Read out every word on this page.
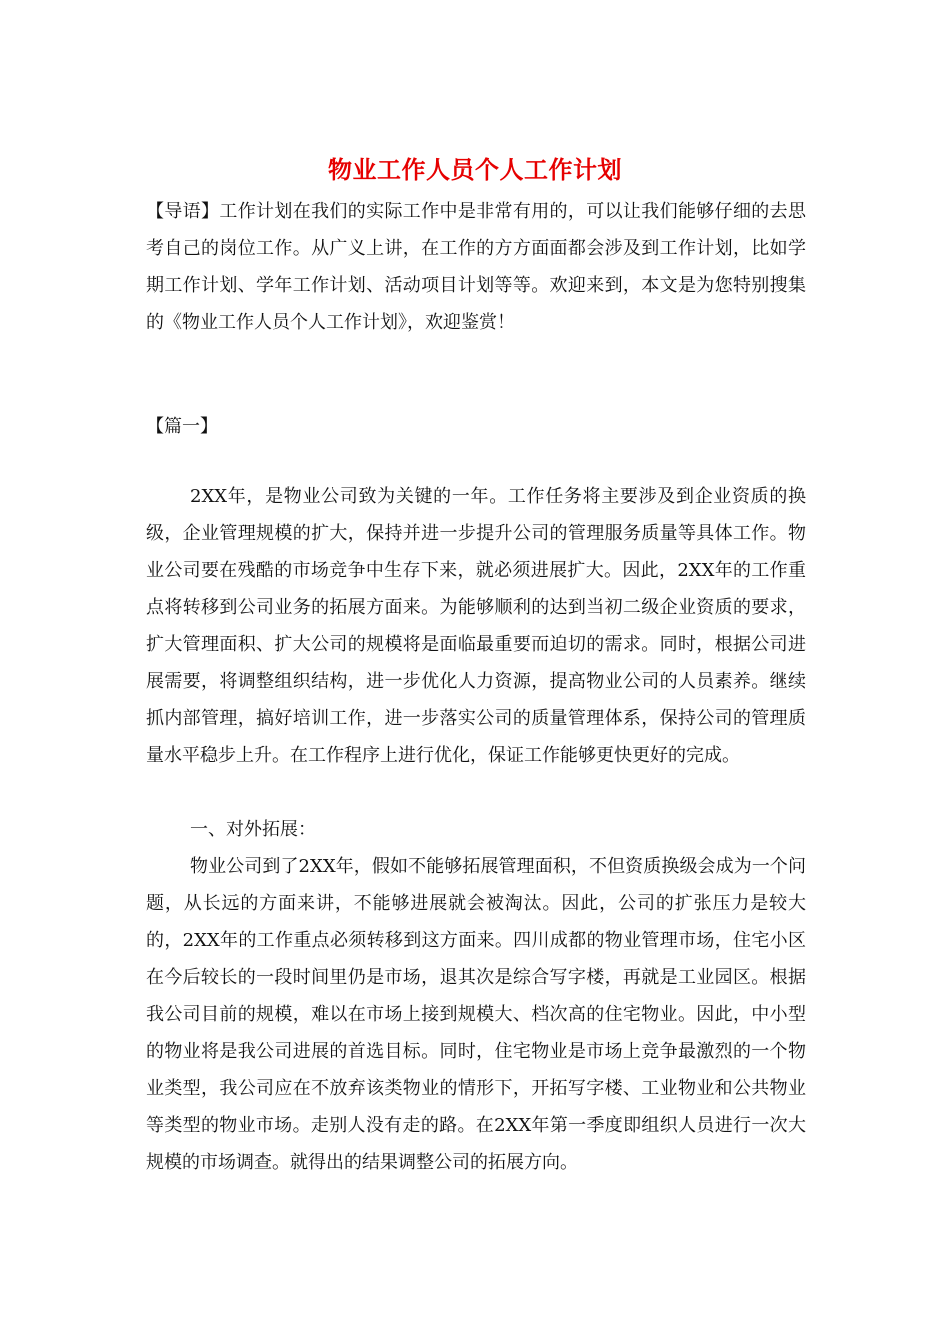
物业工作人员个人工作计划
【导语】工作计划在我们的实际工作中是非常有用的，可以让我们能够仔细的去思考自己的岗位工作。从广义上讲，在工作的方方面面都会涉及到工作计划，比如学期工作计划、学年工作计划、活动项目计划等等。欢迎来到，本文是为您特别搜集的《物业工作人员个人工作计划》，欢迎鉴赏！
【篇一】
2XX年，是物业公司致为关键的一年。工作任务将主要涉及到企业资质的换级，企业管理规模的扩大，保持并进一步提升公司的管理服务质量等具体工作。物业公司要在残酷的市场竞争中生存下来，就必须进展扩大。因此，2XX年的工作重点将转移到公司业务的拓展方面来。为能够顺利的达到当初二级企业资质的要求，扩大管理面积、扩大公司的规模将是面临最重要而迫切的需求。同时，根据公司进展需要，将调整组织结构，进一步优化人力资源，提高物业公司的人员素养。继续抓内部管理，搞好培训工作，进一步落实公司的质量管理体系，保持公司的管理质量水平稳步上升。在工作程序上进行优化，保证工作能够更快更好的完成。
一、对外拓展：
物业公司到了2XX年，假如不能够拓展管理面积，不但资质换级会成为一个问题，从长远的方面来讲，不能够进展就会被淘汰。因此，公司的扩张压力是较大的，2XX年的工作重点必须转移到这方面来。四川成都的物业管理市场，住宅小区在今后较长的一段时间里仍是市场，退其次是综合写字楼，再就是工业园区。根据我公司目前的规模，难以在市场上接到规模大、档次高的住宅物业。因此，中小型的物业将是我公司进展的首选目标。同时，住宅物业是市场上竞争最激烈的一个物业类型，我公司应在不放弃该类物业的情形下，开拓写字楼、工业物业和公共物业等类型的物业市场。走别人没有走的路。在2XX年第一季度即组织人员进行一次大规模的市场调查。就得出的结果调整公司的拓展方向。
